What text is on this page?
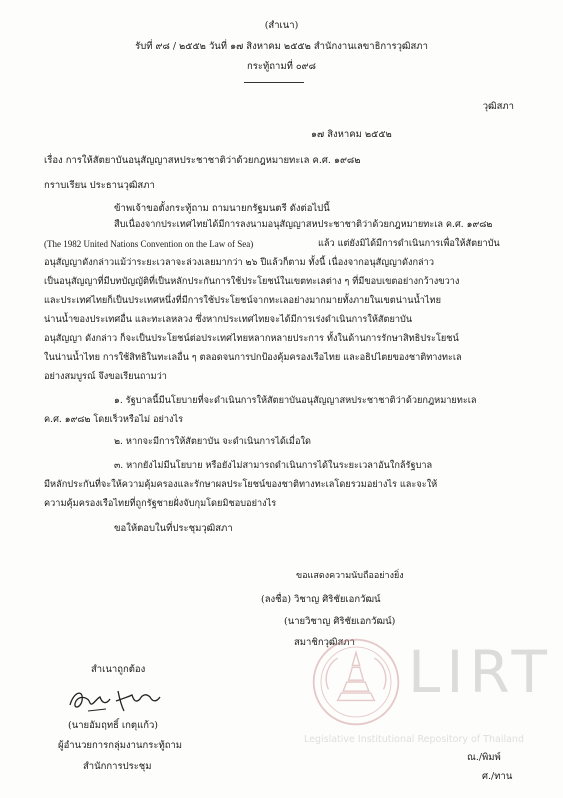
(สำเนา)
รับที่ ๙๘ / ๒๕๕๒ วันที่ ๑๗ สิงหาคม ๒๕๕๒ สำนักงานเลขาธิการวุฒิสภา
กระทู้ถามที่ ๐๙๘
วุฒิสภา
๑๗ สิงหาคม ๒๕๕๒
เรื่อง การให้สัตยาบันอนุสัญญาสหประชาชาติว่าด้วยกฎหมายทะเล ค.ศ. ๑๙๘๒
กราบเรียน ประธานวุฒิสภา
ข้าพเจ้าขอตั้งกระทู้ถาม ถามนายกรัฐมนตรี ดังต่อไปนี้
สืบเนื่องจากประเทศไทยได้มีการลงนามอนุสัญญาสหประชาชาติว่าด้วยกฎหมายทะเล ค.ศ. ๑๙๘๒
(The 1982 United Nations Convention on the Law of Sea)	แล้ว แต่ยังมิได้มีการดำเนินการเพื่อให้สัตยาบัน
อนุสัญญาดังกล่าวแม้ว่าระยะเวลาจะล่วงเลยมากว่า ๒๖ ปีแล้วก็ตาม ทั้งนี้ เนื่องจากอนุสัญญาดังกล่าว
เป็นอนุสัญญาที่มีบทบัญญัติที่เป็นหลักประกันการใช้ประโยชน์ในเขตทะเลต่าง ๆ ที่มีขอบเขตอย่างกว้างขวาง
และประเทศไทยก็เป็นประเทศหนึ่งที่มีการใช้ประโยชน์จากทะเลอย่างมากมายทั้งภายในเขตน่านน้ำไทย
น่านน้ำของประเทศอื่น และทะเลหลวง ซึ่งหากประเทศไทยจะได้มีการเร่งดำเนินการให้สัตยาบัน
อนุสัญญา ดังกล่าว ก็จะเป็นประโยชน์ต่อประเทศไทยหลากหลายประการ ทั้งในด้านการรักษาสิทธิประโยชน์
ในน่านน้ำไทย การใช้สิทธิในทะเลอื่น ๆ ตลอดจนการปกป้องคุ้มครองเรือไทย และอธิปไตยของชาติทางทะเล
อย่างสมบูรณ์ จึงขอเรียนถามว่า
๑. รัฐบาลนี้มีนโยบายที่จะดำเนินการให้สัตยาบันอนุสัญญาสหประชาชาติว่าด้วยกฎหมายทะเล
ค.ศ. ๑๙๘๒ โดยเร็วหรือไม่ อย่างไร
๒. หากจะมีการให้สัตยาบัน จะดำเนินการได้เมื่อใด
๓. หากยังไม่มีนโยบาย หรือยังไม่สามารถดำเนินการได้ในระยะเวลาอันใกล้รัฐบาล
มีหลักประกันที่จะให้ความคุ้มครองและรักษาผลประโยชน์ของชาติทางทะเลโดยรวมอย่างไร และจะให้
ความคุ้มครองเรือไทยที่ถูกรัฐชายฝั่งจับกุมโดยมิชอบอย่างไร
ขอให้ตอบในที่ประชุมวุฒิสภา
ขอแสดงความนับถืออย่างยิ่ง
(ลงชื่อ) วิชาญ ศิริชัยเอกวัฒน์
(นายวิชาญ ศิริชัยเอกวัฒน์)
สมาชิกวุฒิสภา
สำเนาถูกต้อง
(นายอัมฤทธิ์ เกตุแก้ว)
ผู้อำนวยการกลุ่มงานกระทู้ถาม
สำนักการประชุม
LIRT
Legislative Institutional Repository of Thailand
ณ./พิมพ์
ศ./ทาน
